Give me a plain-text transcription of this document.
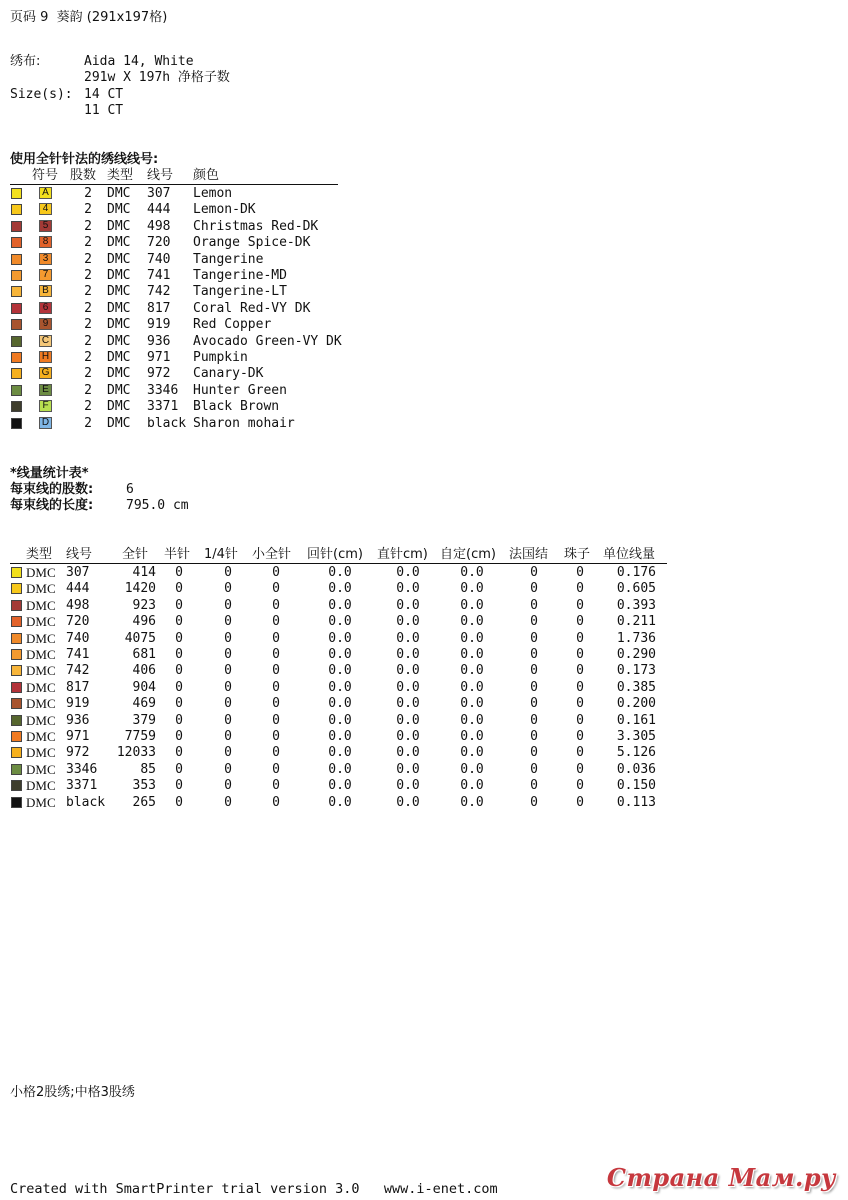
页码 9  葵韵 (291x197格)
绣布:	Aida 14, White
291w X 197h 净格子数
Size(s): 14 CT
11 CT
使用全针针法的绣线线号:
符号 股数 类型 线号 颜色
A	2 DMC 307 Lemon
4	2 DMC 444 Lemon-DK
5	2 DMC 498 Christmas Red-DK
8	2 DMC 720 Orange Spice-DK
3	2 DMC 740 Tangerine
7	2 DMC 741 Tangerine-MD
B	2 DMC 742 Tangerine-LT
6	2 DMC 817 Coral Red-VY DK
9	2 DMC 919 Red Copper
C	2 DMC 936 Avocado Green-VY DK
H	2 DMC 971 Pumpkin
G	2 DMC 972 Canary-DK
E	2 DMC 3346 Hunter Green
F	2 DMC 3371 Black Brown
D	2 DMC black Sharon mohair
*线量统计表*
每束线的股数:	6
每束线的长度:	795.0 cm
类型 线号 全针 半针 1/4针 小全针 回针(cm) 直针cm) 自定(cm) 法国结 珠子 单位线量
DMC 307	414	0	0	0	0.0	0.0	0.0	0	0	0.176
DMC 444	1420	0	0	0	0.0	0.0	0.0	0	0	0.605
DMC 498	923	0	0	0	0.0	0.0	0.0	0	0	0.393
DMC 720	496	0	0	0	0.0	0.0	0.0	0	0	0.211
DMC 740	4075	0	0	0	0.0	0.0	0.0	0	0	1.736
DMC 741	681	0	0	0	0.0	0.0	0.0	0	0	0.290
DMC 742	406	0	0	0	0.0	0.0	0.0	0	0	0.173
DMC 817	904	0	0	0	0.0	0.0	0.0	0	0	0.385
DMC 919	469	0	0	0	0.0	0.0	0.0	0	0	0.200
DMC 936	379	0	0	0	0.0	0.0	0.0	0	0	0.161
DMC 971	7759	0	0	0	0.0	0.0	0.0	0	0	3.305
DMC 972	12033	0	0	0	0.0	0.0	0.0	0	0	5.126
DMC 3346	85	0	0	0	0.0	0.0	0.0	0	0	0.036
DMC 3371	353	0	0	0	0.0	0.0	0.0	0	0	0.150
DMC black	265	0	0	0	0.0	0.0	0.0	0	0	0.113
小格2股绣;中格3股绣
Created with SmartPrinter trial version 3.0   www.i-enet.com	Страна Мам.ру
